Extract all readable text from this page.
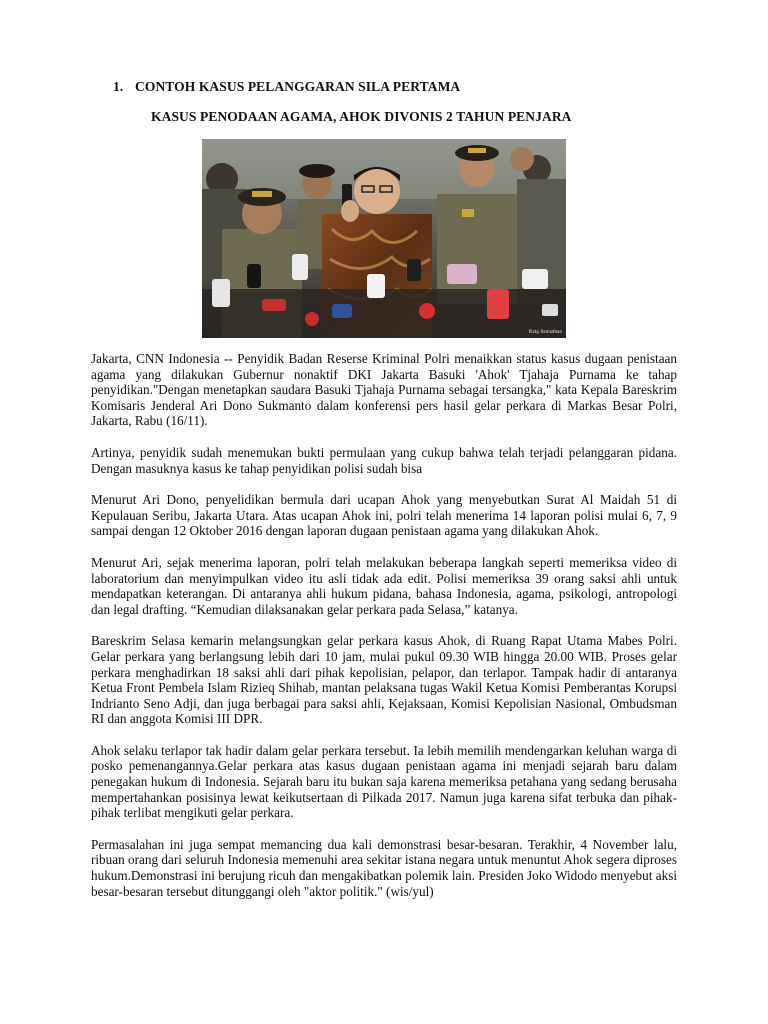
1. CONTOH KASUS PELANGGARAN SILA PERTAMA
KASUS PENODAAN AGAMA, AHOK DIVONIS 2 TAHUN PENJARA
Rizky Ramadhan

Jakarta, CNN Indonesia -- Penyidik Badan Reserse Kriminal Polri menaikkan status kasus dugaan penistaan agama yang dilakukan Gubernur nonaktif DKI Jakarta Basuki 'Ahok' Tjahaja Purnama ke tahap penyidikan."Dengan menetapkan saudara Basuki Tjahaja Purnama sebagai tersangka," kata Kepala Bareskrim Komisaris Jenderal Ari Dono Sukmanto dalam konferensi pers hasil gelar perkara di Markas Besar Polri, Jakarta, Rabu (16/11).

Artinya, penyidik sudah menemukan bukti permulaan yang cukup bahwa telah terjadi pelanggaran pidana. Dengan masuknya kasus ke tahap penyidikan polisi sudah bisa

Menurut Ari Dono, penyelidikan bermula dari ucapan Ahok yang menyebutkan Surat Al Maidah 51 di Kepulauan Seribu, Jakarta Utara. Atas ucapan Ahok ini, polri telah menerima 14 laporan polisi mulai 6, 7, 9 sampai dengan 12 Oktober 2016 dengan laporan dugaan penistaan agama yang dilakukan Ahok.

Menurut Ari, sejak menerima laporan, polri telah melakukan beberapa langkah seperti memeriksa video di laboratorium dan menyimpulkan video itu asli tidak ada edit. Polisi memeriksa 39 orang saksi ahli untuk mendapatkan keterangan. Di antaranya ahli hukum pidana, bahasa Indonesia, agama, psikologi, antropologi dan legal drafting. “Kemudian dilaksanakan gelar perkara pada Selasa,” katanya.

Bareskrim Selasa kemarin melangsungkan gelar perkara kasus Ahok, di Ruang Rapat Utama Mabes Polri. Gelar perkara yang berlangsung lebih dari 10 jam, mulai pukul 09.30 WIB hingga 20.00 WIB. Proses gelar perkara menghadirkan 18 saksi ahli dari pihak kepolisian, pelapor, dan terlapor. Tampak hadir di antaranya Ketua Front Pembela Islam Rizieq Shihab, mantan pelaksana tugas Wakil Ketua Komisi Pemberantas Korupsi Indrianto Seno Adji, dan juga berbagai para saksi ahli, Kejaksaan, Komisi Kepolisian Nasional, Ombudsman RI dan anggota Komisi III DPR.

Ahok selaku terlapor tak hadir dalam gelar perkara tersebut. Ia lebih memilih mendengarkan keluhan warga di posko pemenangannya.Gelar perkara atas kasus dugaan penistaan agama ini menjadi sejarah baru dalam penegakan hukum di Indonesia. Sejarah baru itu bukan saja karena memeriksa petahana yang sedang berusaha mempertahankan posisinya lewat keikutsertaan di Pilkada 2017. Namun juga karena sifat terbuka dan pihak-pihak terlibat mengikuti gelar perkara.

Permasalahan ini juga sempat memancing dua kali demonstrasi besar-besaran. Terakhir, 4 November lalu, ribuan orang dari seluruh Indonesia memenuhi area sekitar istana negara untuk menuntut Ahok segera diproses hukum.Demonstrasi ini berujung ricuh dan mengakibatkan polemik lain. Presiden Joko Widodo menyebut aksi besar-besaran tersebut ditunggangi oleh "aktor politik." (wis/yul)
